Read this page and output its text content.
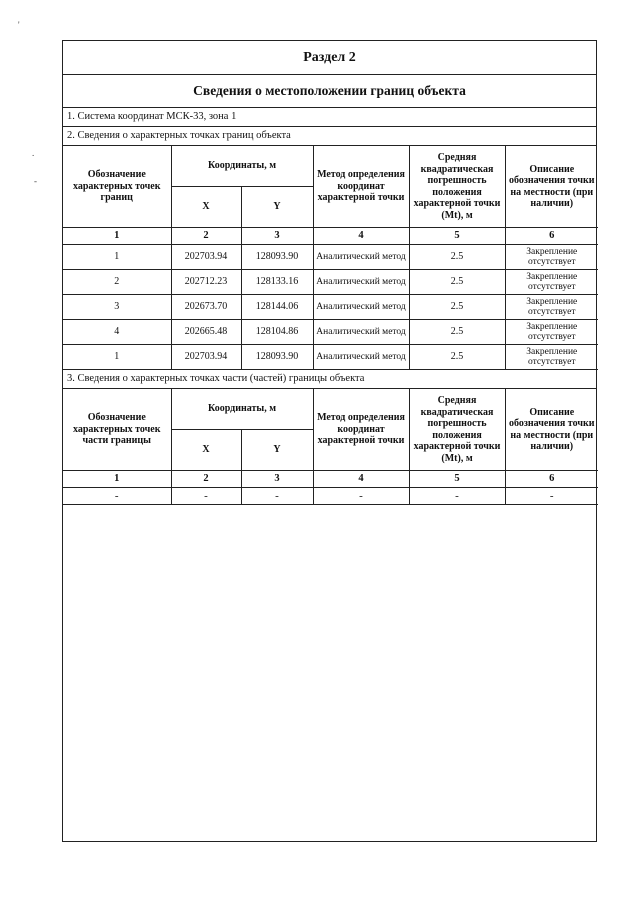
'
.
-
Раздел 2
Сведения о местоположении границ объекта
1. Система координат МСК-33, зона 1
2. Сведения о характерных точках границ объекта
Обозначение характерных точек границ	Координаты, м		Метод определения координат характерной точки	Средняя квадратическая погрешность положения характерной точки (Mt), м	Описание обозначения точки на местности (при наличии)
	X	Y			
1	2	3	4	5	6
1	202703.94	128093.90	Аналитический метод	2.5	Закрепление отсутствует
2	202712.23	128133.16	Аналитический метод	2.5	Закрепление отсутствует
3	202673.70	128144.06	Аналитический метод	2.5	Закрепление отсутствует
4	202665.48	128104.86	Аналитический метод	2.5	Закрепление отсутствует
1	202703.94	128093.90	Аналитический метод	2.5	Закрепление отсутствует
3. Сведения о характерных точках части (частей) границы объекта
Обозначение характерных точек части границы	Координаты, м		Метод определения координат характерной точки	Средняя квадратическая погрешность положения характерной точки (Mt), м	Описание обозначения точки на местности (при наличии)
	X	Y			
1	2	3	4	5	6
-	-	-	-	-	-
